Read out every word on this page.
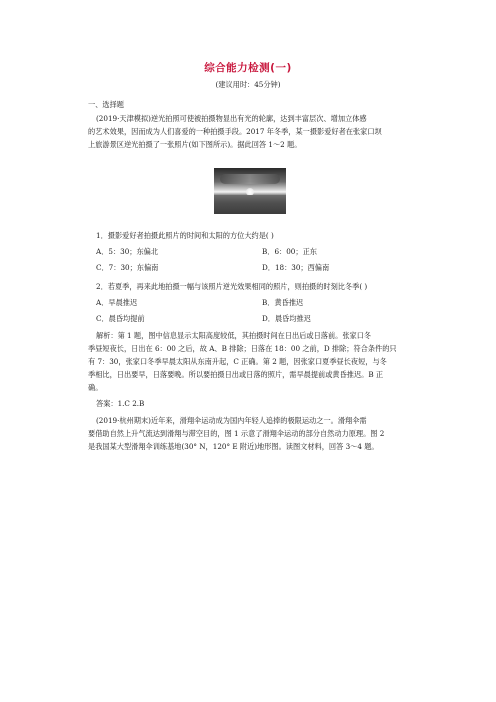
综合能力检测(一)
(建议用时：45分钟)
一、选择题
(2019·天津模拟)逆光拍照可使被拍摄物显出有光的轮廓，达到丰富层次、增加立体感
的艺术效果，因而成为人们喜爱的一种拍摄手段。2017 年冬季，某一摄影爱好者在张家口坝
上旅游景区逆光拍摄了一张照片(如下图所示)。据此回答 1～2 题。
1．摄影爱好者拍摄此照片的时间和太阳的方位大约是( )
A．5：30；东偏北	B．6：00；正东
C．7：30；东偏南	D．18：30；西偏南
2．若夏季，再来此地拍摄一幅与该照片逆光效果相同的照片，则拍摄的时刻比冬季( )
A．早晨推迟	B．黄昏推迟
C．晨昏均提前	D．晨昏均推迟
解析：第 1 题，图中信息显示太阳高度较低，其拍摄时间在日出后或日落前。张家口冬
季昼短夜长，日出在 6：00 之后，故 A、B 排除；日落在 18：00 之前，D 排除；符合条件的只
有 7：30，张家口冬季早晨太阳从东南升起，C 正确。第 2 题，因张家口夏季昼长夜短，与冬
季相比，日出要早，日落要晚。所以要拍摄日出或日落的照片，需早晨提前或黄昏推迟。B 正
确。
答案：1.C 2.B
(2019·杭州期末)近年来，滑翔伞运动成为国内年轻人追捧的极限运动之一。滑翔伞需
要借助自然上升气流达到滑翔与滞空目的，图 1 示意了滑翔伞运动的部分自然动力原理。图 2
是我国某大型滑翔伞训练基地(30° N，120° E 附近)地形图。读图文材料，回答 3～4 题。
